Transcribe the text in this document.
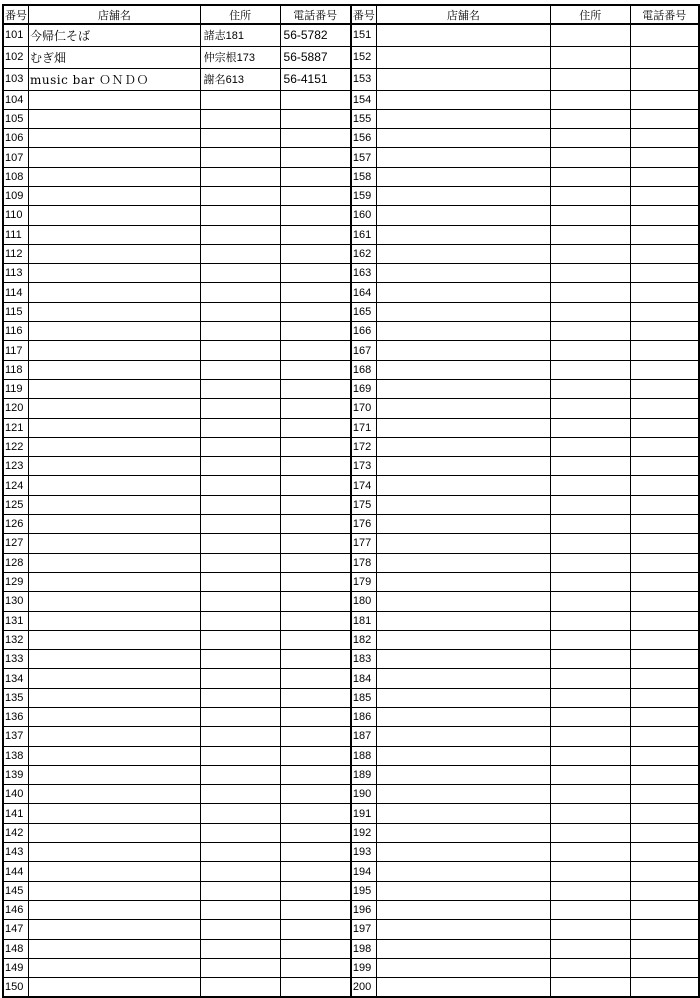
番号	店舗名	住所	電話番号	番号	店舗名	住所	電話番号
101	今帰仁そば	諸志181	56-5782	151			
102	むぎ畑	仲宗根173	56-5887	152			
103	music bar ＯＮＤＯ	謝名613	56-4151	153			
104				154			
105				155			
106				156			
107				157			
108				158			
109				159			
110				160			
111				161			
112				162			
113				163			
114				164			
115				165			
116				166			
117				167			
118				168			
119				169			
120				170			
121				171			
122				172			
123				173			
124				174			
125				175			
126				176			
127				177			
128				178			
129				179			
130				180			
131				181			
132				182			
133				183			
134				184			
135				185			
136				186			
137				187			
138				188			
139				189			
140				190			
141				191			
142				192			
143				193			
144				194			
145				195			
146				196			
147				197			
148				198			
149				199			
150				200			
